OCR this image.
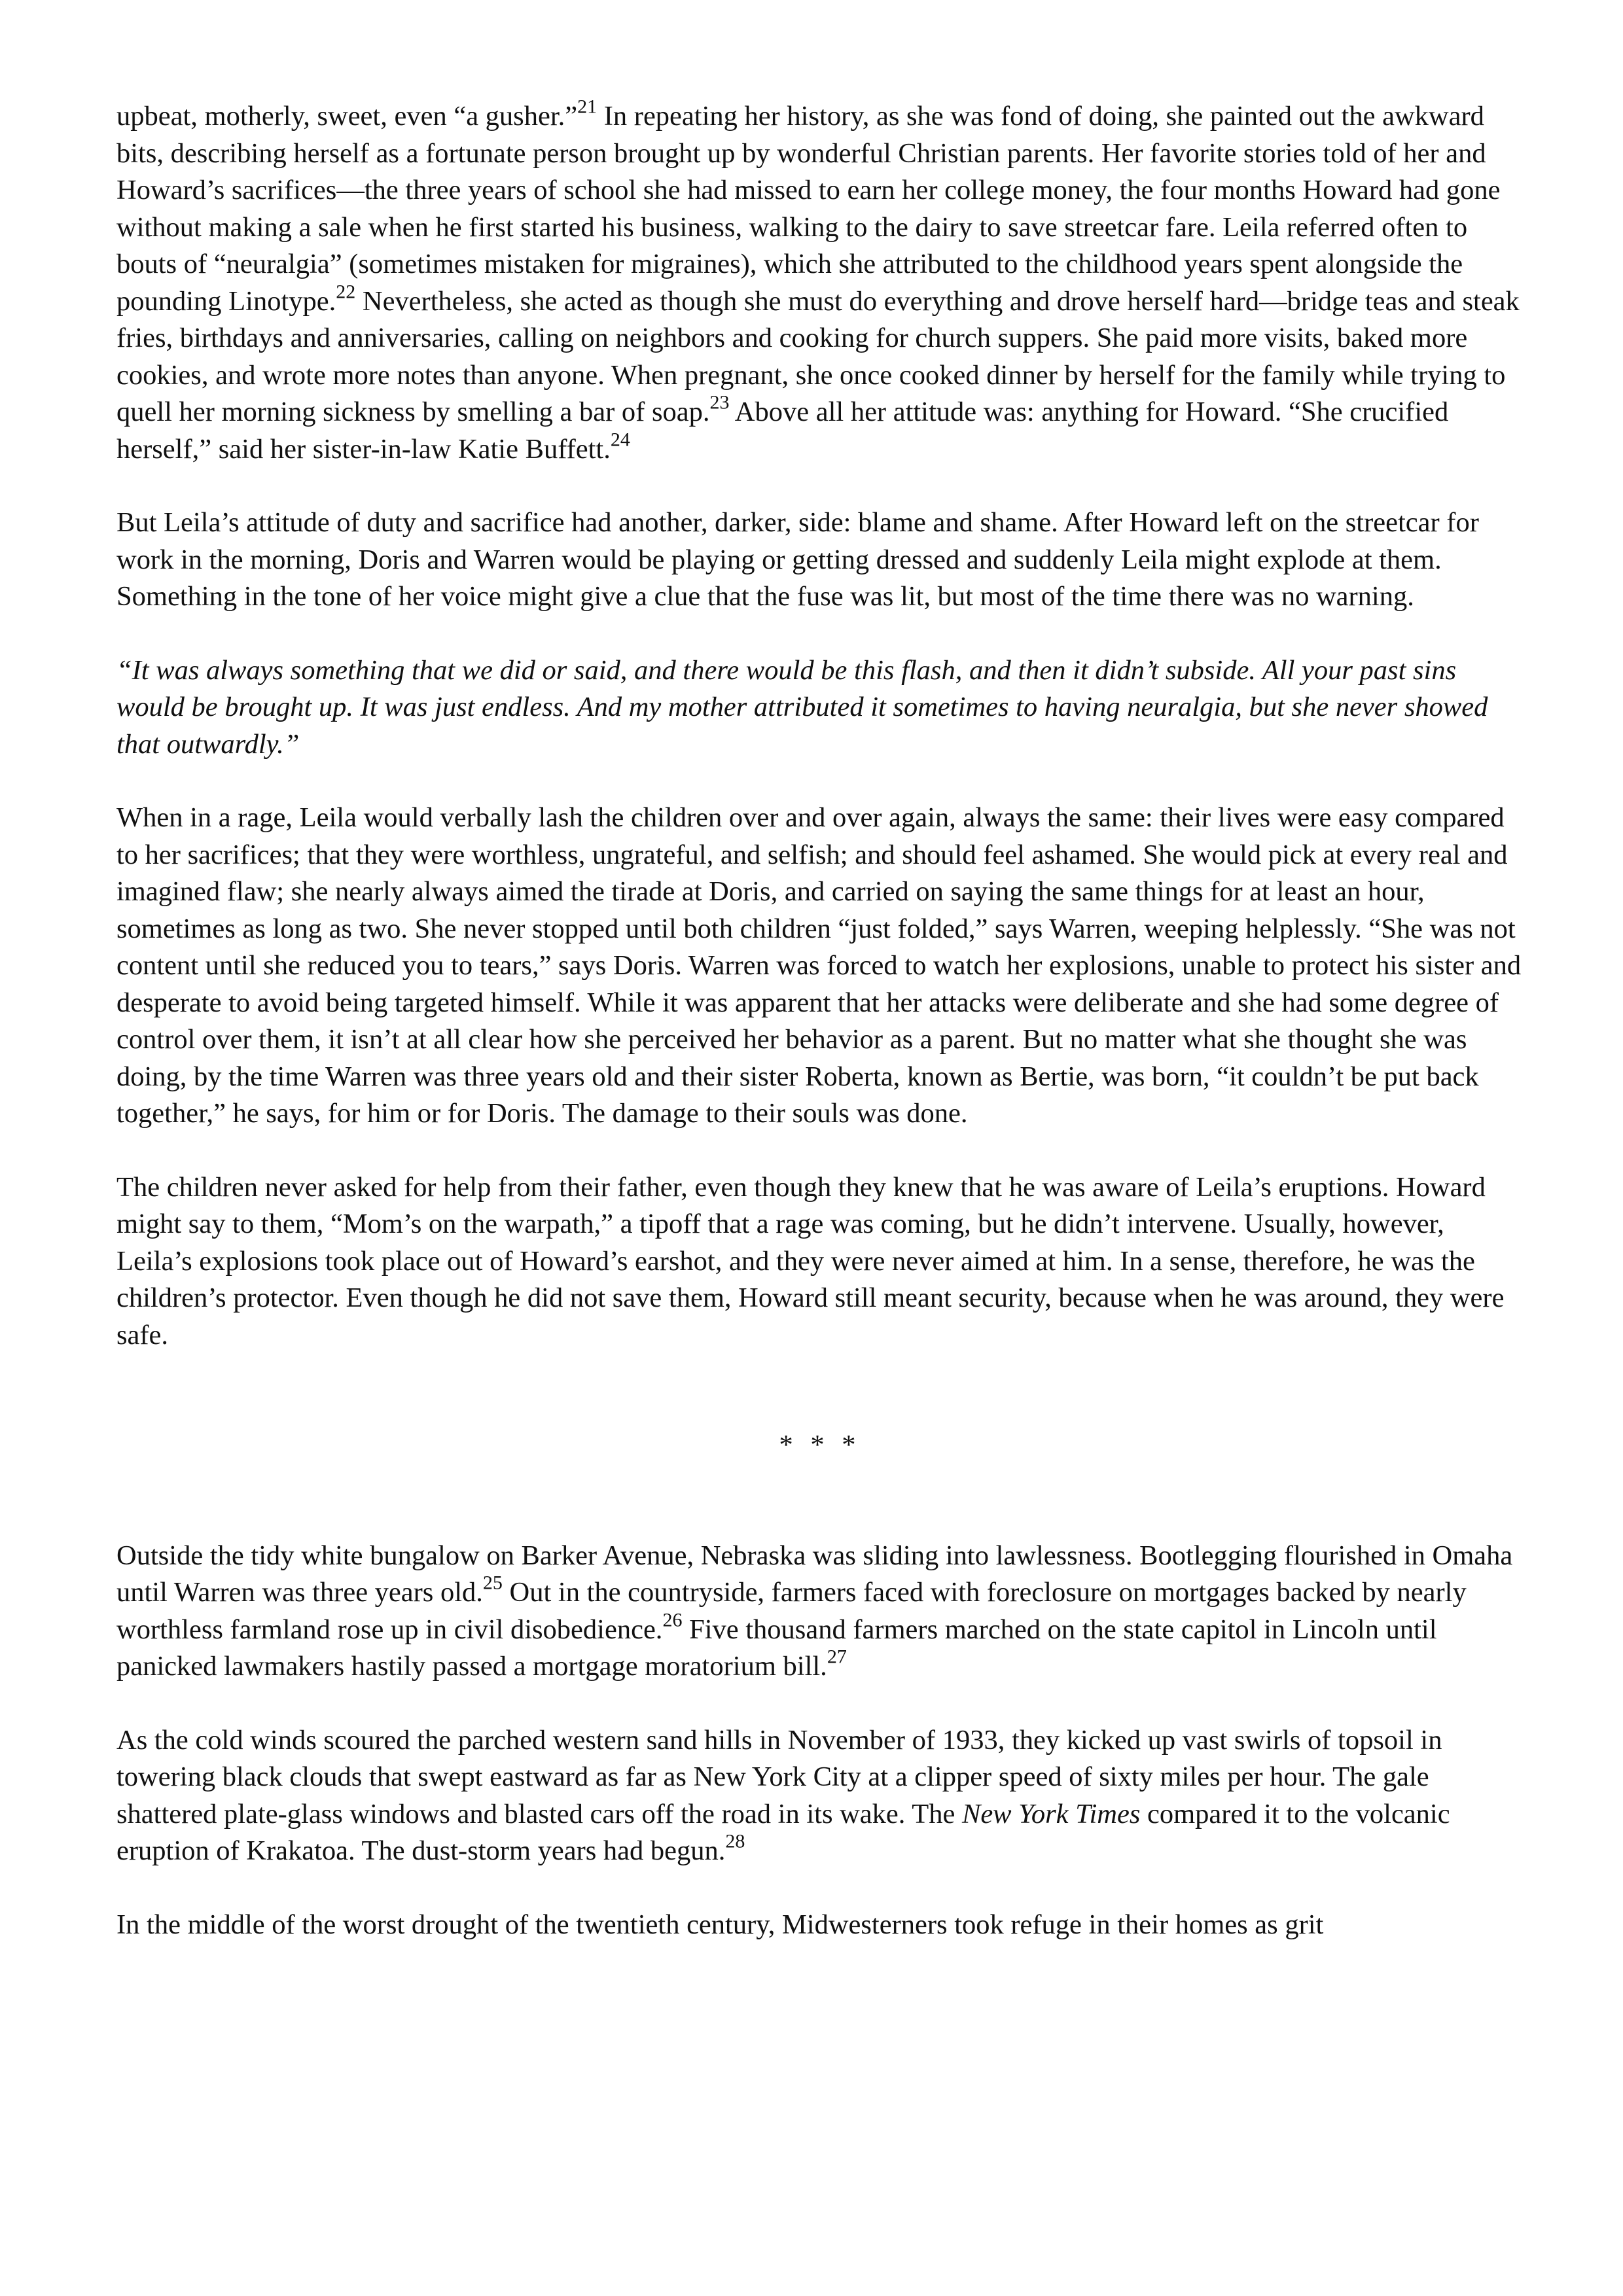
upbeat, motherly, sweet, even “a gusher.”$^{21}$ In repeating her history, as she was fond of doing, she painted out the awkward bits, describing herself as a fortunate person brought up by wonderful Christian parents. Her favorite stories told of her and Howard’s sacrifices—the three years of school she had missed to earn her college money, the four months Howard had gone without making a sale when he first started his business, walking to the dairy to save streetcar fare. Leila referred often to bouts of “neuralgia” (sometimes mistaken for migraines), which she attributed to the childhood years spent alongside the pounding Linotype.$^{22}$ Nevertheless, she acted as though she must do everything and drove herself hard—bridge teas and steak fries, birthdays and anniversaries, calling on neighbors and cooking for church suppers. She paid more visits, baked more cookies, and wrote more notes than anyone. When pregnant, she once cooked dinner by herself for the family while trying to quell her morning sickness by smelling a bar of soap.$^{23}$ Above all her attitude was: anything for Howard. “She crucified herself,” said her sister-in-law Katie Buffett.$^{24}$

But Leila’s attitude of duty and sacrifice had another, darker, side: blame and shame. After Howard left on the streetcar for work in the morning, Doris and Warren would be playing or getting dressed and suddenly Leila might explode at them. Something in the tone of her voice might give a clue that the fuse was lit, but most of the time there was no warning.

“It was always something that we did or said, and there would be this flash, and then it didn’t subside. All your past sins would be brought up. It was just endless. And my mother attributed it sometimes to having neuralgia, but she never showed that outwardly.”

When in a rage, Leila would verbally lash the children over and over again, always the same: their lives were easy compared to her sacrifices; that they were worthless, ungrateful, and selfish; and should feel ashamed. She would pick at every real and imagined flaw; she nearly always aimed the tirade at Doris, and carried on saying the same things for at least an hour, sometimes as long as two. She never stopped until both children “just folded,” says Warren, weeping helplessly. “She was not content until she reduced you to tears,” says Doris. Warren was forced to watch her explosions, unable to protect his sister and desperate to avoid being targeted himself. While it was apparent that her attacks were deliberate and she had some degree of control over them, it isn’t at all clear how she perceived her behavior as a parent. But no matter what she thought she was doing, by the time Warren was three years old and their sister Roberta, known as Bertie, was born, “it couldn’t be put back together,” he says, for him or for Doris. The damage to their souls was done.

The children never asked for help from their father, even though they knew that he was aware of Leila’s eruptions. Howard might say to them, “Mom’s on the warpath,” a tipoff that a rage was coming, but he didn’t intervene. Usually, however, Leila’s explosions took place out of Howard’s earshot, and they were never aimed at him. In a sense, therefore, he was the children’s protector. Even though he did not save them, Howard still meant security, because when he was around, they were safe.

* * *

Outside the tidy white bungalow on Barker Avenue, Nebraska was sliding into lawlessness. Bootlegging flourished in Omaha until Warren was three years old.$^{25}$ Out in the countryside, farmers faced with foreclosure on mortgages backed by nearly worthless farmland rose up in civil disobedience.$^{26}$ Five thousand farmers marched on the state capitol in Lincoln until panicked lawmakers hastily passed a mortgage moratorium bill.$^{27}$

As the cold winds scoured the parched western sand hills in November of 1933, they kicked up vast swirls of topsoil in towering black clouds that swept eastward as far as New York City at a clipper speed of sixty miles per hour. The gale shattered plate-glass windows and blasted cars off the road in its wake. The New York Times compared it to the volcanic eruption of Krakatoa. The dust-storm years had begun.$^{28}$

In the middle of the worst drought of the twentieth century, Midwesterners took refuge in their homes as grit
